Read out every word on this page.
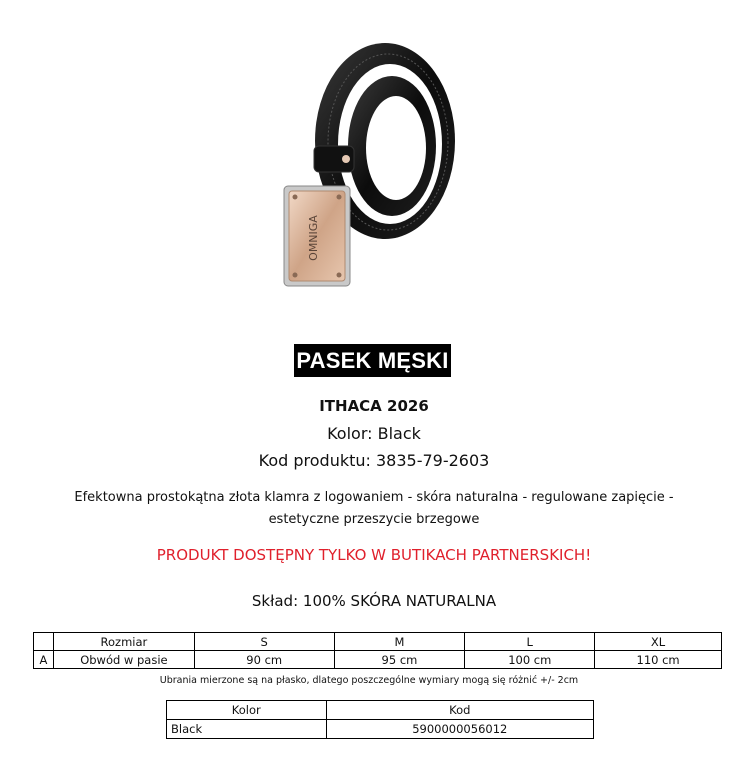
OMNIGA
PASEK MĘSKI
ITHACA 2026
Kolor: Black
Kod produktu: 3835-79-2603
Efektowna prostokątna złota klamra z logowaniem - skóra naturalna - regulowane zapięcie - estetyczne przeszycie brzegowe
PRODUKT DOSTĘPNY TYLKO W BUTIKACH PARTNERSKICH!
Skład: 100% SKÓRA NATURALNA
	Rozmiar	S	M	L	XL
A	Obwód w pasie	90 cm	95 cm	100 cm	110 cm
Ubrania mierzone są na płasko, dlatego poszczególne wymiary mogą się różnić +/- 2cm
Kolor	Kod
Black	5900000056012
